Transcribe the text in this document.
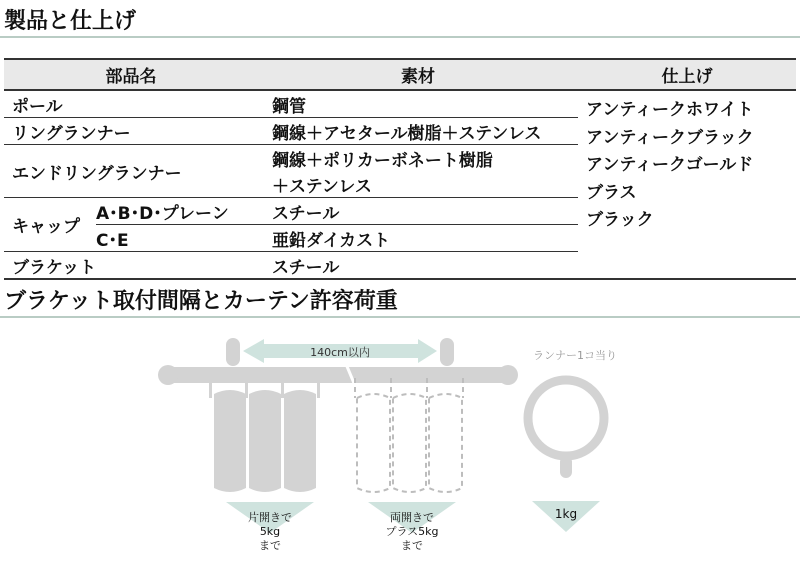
製品と仕上げ
部品名		素材	仕上げ
ポール		鋼管	アンティークホワイト
アンティークブラック
アンティークゴールド
ブラス
ブラック

リングランナー		鋼線＋アセタール樹脂＋ステンレス	
エンドリングランナー		鋼線＋ポリカーボネート樹脂	
		＋ステンレス	
キャップ	A･B･D･プレーン	スチール	
	C･E	亜鉛ダイカスト	
ブラケット		スチール	
ブラケット取付間隔とカーテン許容荷重
140cm以内	ランナー1コ当り
片開きで
5kg
まで
両開きで
プラス5kg
まで
1kg
